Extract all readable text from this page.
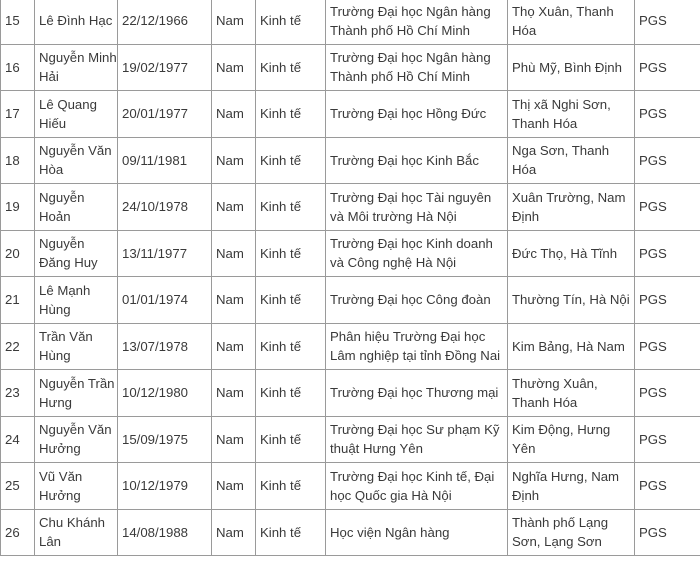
15	Lê Đình Hạc	22/12/1966	Nam	Kinh tế	Trường Đại học Ngân hàng Thành phố Hồ Chí Minh	Thọ Xuân, Thanh Hóa	PGS
16	Nguyễn Minh Hải	19/02/1977	Nam	Kinh tế	Trường Đại học Ngân hàng Thành phố Hồ Chí Minh	Phù Mỹ, Bình Định	PGS
17	Lê Quang Hiếu	20/01/1977	Nam	Kinh tế	Trường Đại học Hồng Đức	Thị xã Nghi Sơn, Thanh Hóa	PGS
18	Nguyễn Văn Hòa	09/11/1981	Nam	Kinh tế	Trường Đại học Kinh Bắc	Nga Sơn, Thanh Hóa	PGS
19	Nguyễn Hoản	24/10/1978	Nam	Kinh tế	Trường Đại học Tài nguyên và Môi trường Hà Nội	Xuân Trường, Nam Định	PGS
20	Nguyễn Đăng Huy	13/11/1977	Nam	Kinh tế	Trường Đại học Kinh doanh và Công nghệ Hà Nội	Đức Thọ, Hà Tĩnh	PGS
21	Lê Mạnh Hùng	01/01/1974	Nam	Kinh tế	Trường Đại học Công đoàn	Thường Tín, Hà Nội	PGS
22	Trần Văn Hùng	13/07/1978	Nam	Kinh tế	Phân hiệu Trường Đại học Lâm nghiệp tại tỉnh Đồng Nai	Kim Bảng, Hà Nam	PGS
23	Nguyễn Trần Hưng	10/12/1980	Nam	Kinh tế	Trường Đại học Thương mại	Thường Xuân, Thanh Hóa	PGS
24	Nguyễn Văn Hưởng	15/09/1975	Nam	Kinh tế	Trường Đại học Sư phạm Kỹ thuật Hưng Yên	Kim Động, Hưng Yên	PGS
25	Vũ Văn Hưởng	10/12/1979	Nam	Kinh tế	Trường Đại học Kinh tế, Đại học Quốc gia Hà Nội	Nghĩa Hưng, Nam Định	PGS
26	Chu Khánh Lân	14/08/1988	Nam	Kinh tế	Học viện Ngân hàng	Thành phố Lạng Sơn, Lạng Sơn	PGS
